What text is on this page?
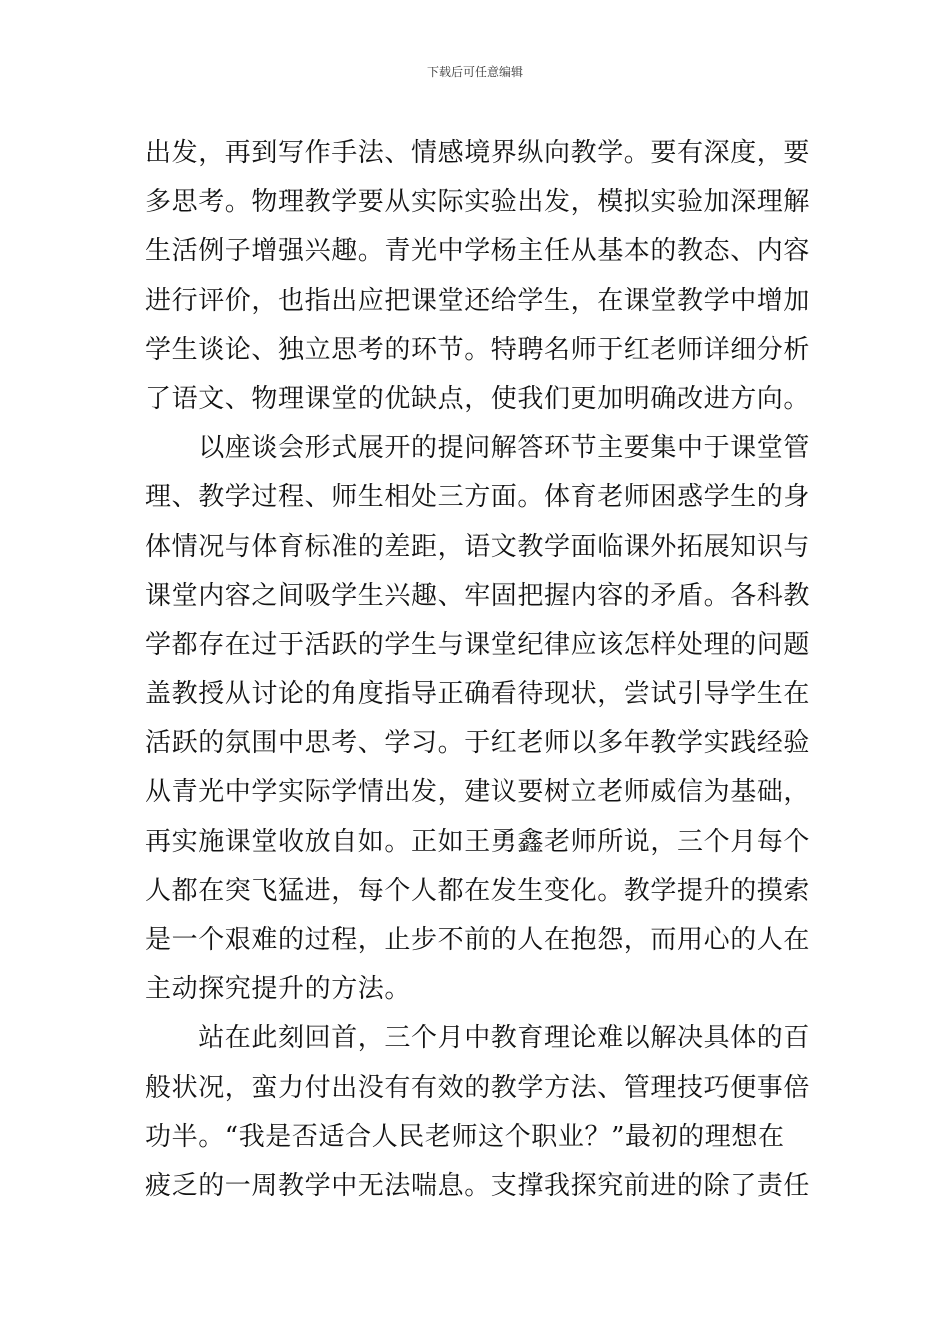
下载后可任意编辑
出发，再到写作手法、情感境界纵向教学。要有深度，要
多思考。物理教学要从实际实验出发，模拟实验加深理解
生活例子增强兴趣。青光中学杨主任从基本的教态、内容
进行评价，也指出应把课堂还给学生，在课堂教学中增加
学生谈论、独立思考的环节。特聘名师于红老师详细分析
了语文、物理课堂的优缺点，使我们更加明确改进方向。
　　以座谈会形式展开的提问解答环节主要集中于课堂管
理、教学过程、师生相处三方面。体育老师困惑学生的身
体情况与体育标准的差距，语文教学面临课外拓展知识与
课堂内容之间吸学生兴趣、牢固把握内容的矛盾。各科教
学都存在过于活跃的学生与课堂纪律应该怎样处理的问题
盖教授从讨论的角度指导正确看待现状，尝试引导学生在
活跃的氛围中思考、学习。于红老师以多年教学实践经验
从青光中学实际学情出发，建议要树立老师威信为基础，
再实施课堂收放自如。正如王勇鑫老师所说，三个月每个
人都在突飞猛进，每个人都在发生变化。教学提升的摸索
是一个艰难的过程，止步不前的人在抱怨，而用心的人在
主动探究提升的方法。
　　站在此刻回首，三个月中教育理论难以解决具体的百
般状况，蛮力付出没有有效的教学方法、管理技巧便事倍
功半。“我是否适合人民老师这个职业？”最初的理想在
疲乏的一周教学中无法喘息。支撑我探究前进的除了责任
